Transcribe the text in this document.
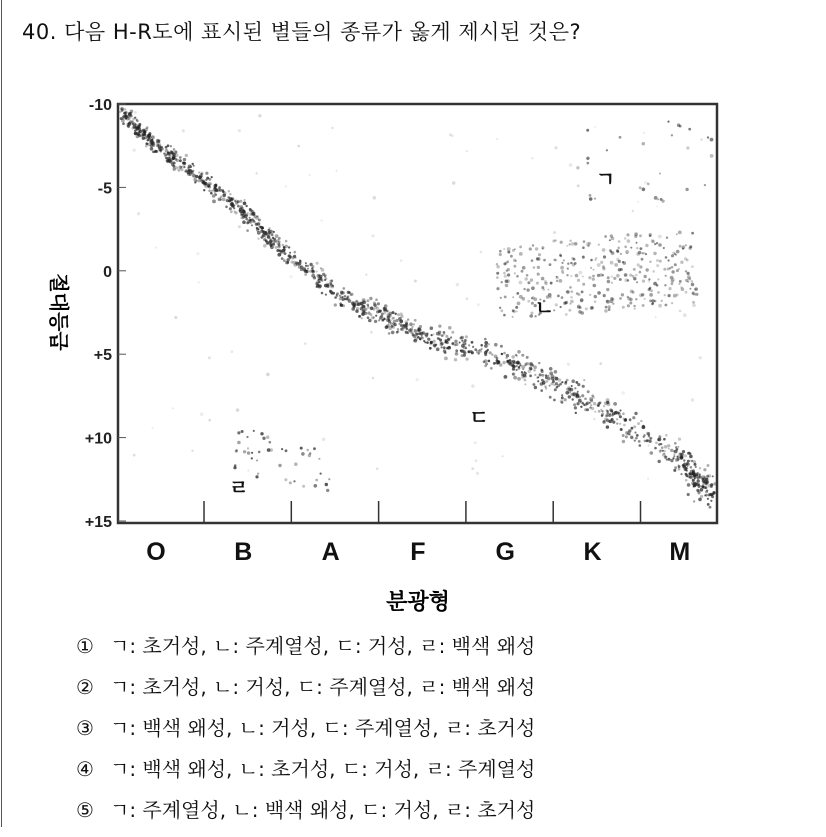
40. 다음 H-R도에 표시된 별들의 종류가 옳게 제시된 것은?
-10
-5
0
+5
+10
+15
O	B	A	F	G	K	M
ㄱ
ㄴ
ㄷ
ㄹ
분광형
절대등급
① ㄱ: 초거성, ㄴ: 주계열성, ㄷ: 거성, ㄹ: 백색 왜성
② ㄱ: 초거성, ㄴ: 거성, ㄷ: 주계열성, ㄹ: 백색 왜성
③ ㄱ: 백색 왜성, ㄴ: 거성, ㄷ: 주계열성, ㄹ: 초거성
④ ㄱ: 백색 왜성, ㄴ: 초거성, ㄷ: 거성, ㄹ: 주계열성
⑤ ㄱ: 주계열성, ㄴ: 백색 왜성, ㄷ: 거성, ㄹ: 초거성
